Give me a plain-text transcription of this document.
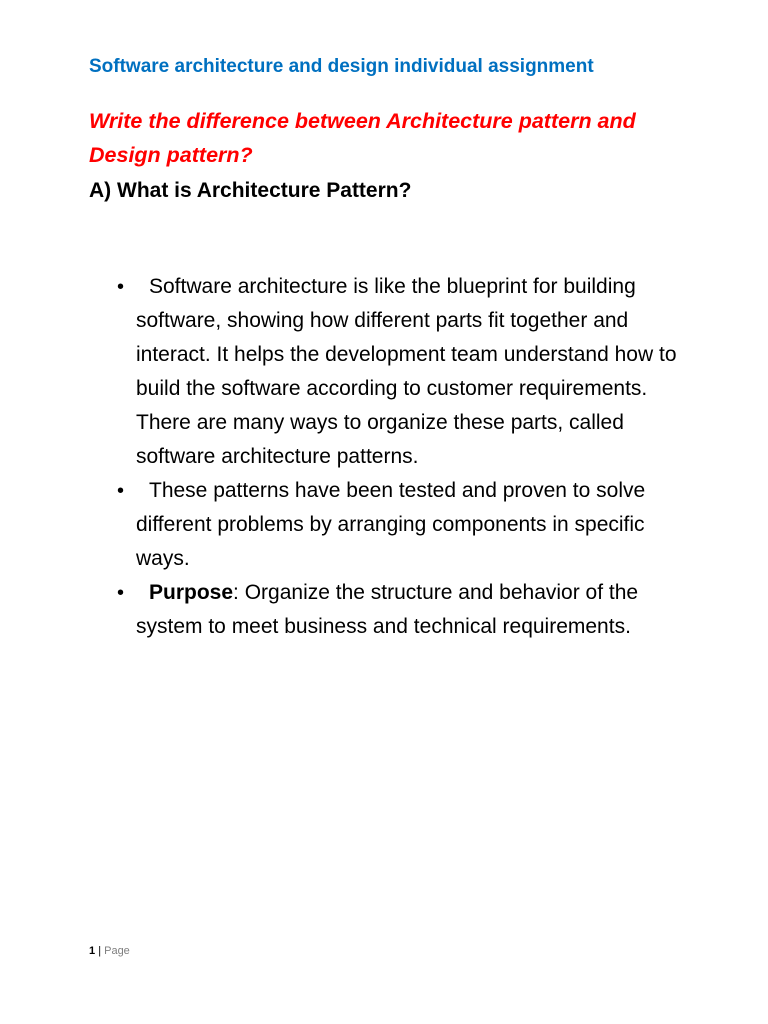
Software architecture and design individual assignment
Write the difference between Architecture pattern and Design pattern?
A) What is Architecture Pattern?
•	Software architecture is like the blueprint for building software, showing how different parts fit together and interact. It helps the development team understand how to build the software according to customer requirements. There are many ways to organize these parts, called software architecture patterns.
•	These patterns have been tested and proven to solve different problems by arranging components in specific ways.
•	Purpose: Organize the structure and behavior of the system to meet business and technical requirements.
1 | Page
